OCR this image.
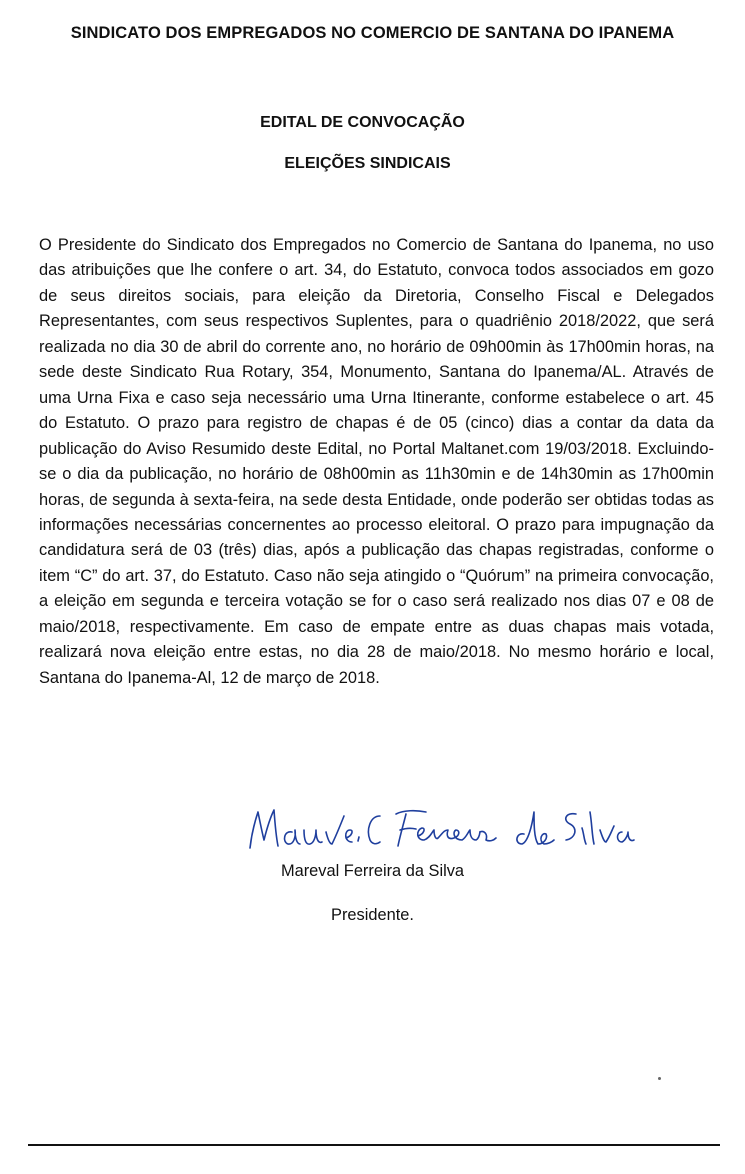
SINDICATO DOS EMPREGADOS NO COMERCIO DE SANTANA DO IPANEMA
EDITAL DE CONVOCAÇÃO
ELEIÇÕES SINDICAIS

O Presidente do Sindicato dos Empregados no Comercio de Santana do Ipanema, no uso das atribuições que lhe confere o art. 34, do Estatuto, convoca todos associados em gozo de seus direitos sociais, para eleição da Diretoria, Conselho Fiscal e Delegados Representantes, com seus respectivos Suplentes, para o quadriênio 2018/2022, que será realizada no dia 30 de abril do corrente ano, no horário de 09h00min às 17h00min horas, na sede deste Sindicato Rua Rotary, 354, Monumento, Santana do Ipanema/AL. Através de uma Urna Fixa e caso seja necessário uma Urna Itinerante, conforme estabelece o art. 45 do Estatuto. O prazo para registro de chapas é de 05 (cinco) dias a contar da data da publicação do Aviso Resumido deste Edital, no Portal Maltanet.com 19/03/2018. Excluindo-se o dia da publicação, no horário de 08h00min as 11h30min e de 14h30min as 17h00min horas, de segunda à sexta-feira, na sede desta Entidade, onde poderão ser obtidas todas as informações necessárias concernentes ao processo eleitoral. O prazo para impugnação da candidatura será de 03 (três) dias, após a publicação das chapas registradas, conforme o item “C” do art. 37, do Estatuto. Caso não seja atingido o “Quórum” na primeira convocação, a eleição em segunda e terceira votação se for o caso será realizado nos dias 07 e 08 de maio/2018, respectivamente. Em caso de empate entre as duas chapas mais votada, realizará nova eleição entre estas, no dia 28 de maio/2018. No mesmo horário e local, Santana do Ipanema-Al, 12 de março de 2018.

Mareval Ferreira da Silva
Presidente.
